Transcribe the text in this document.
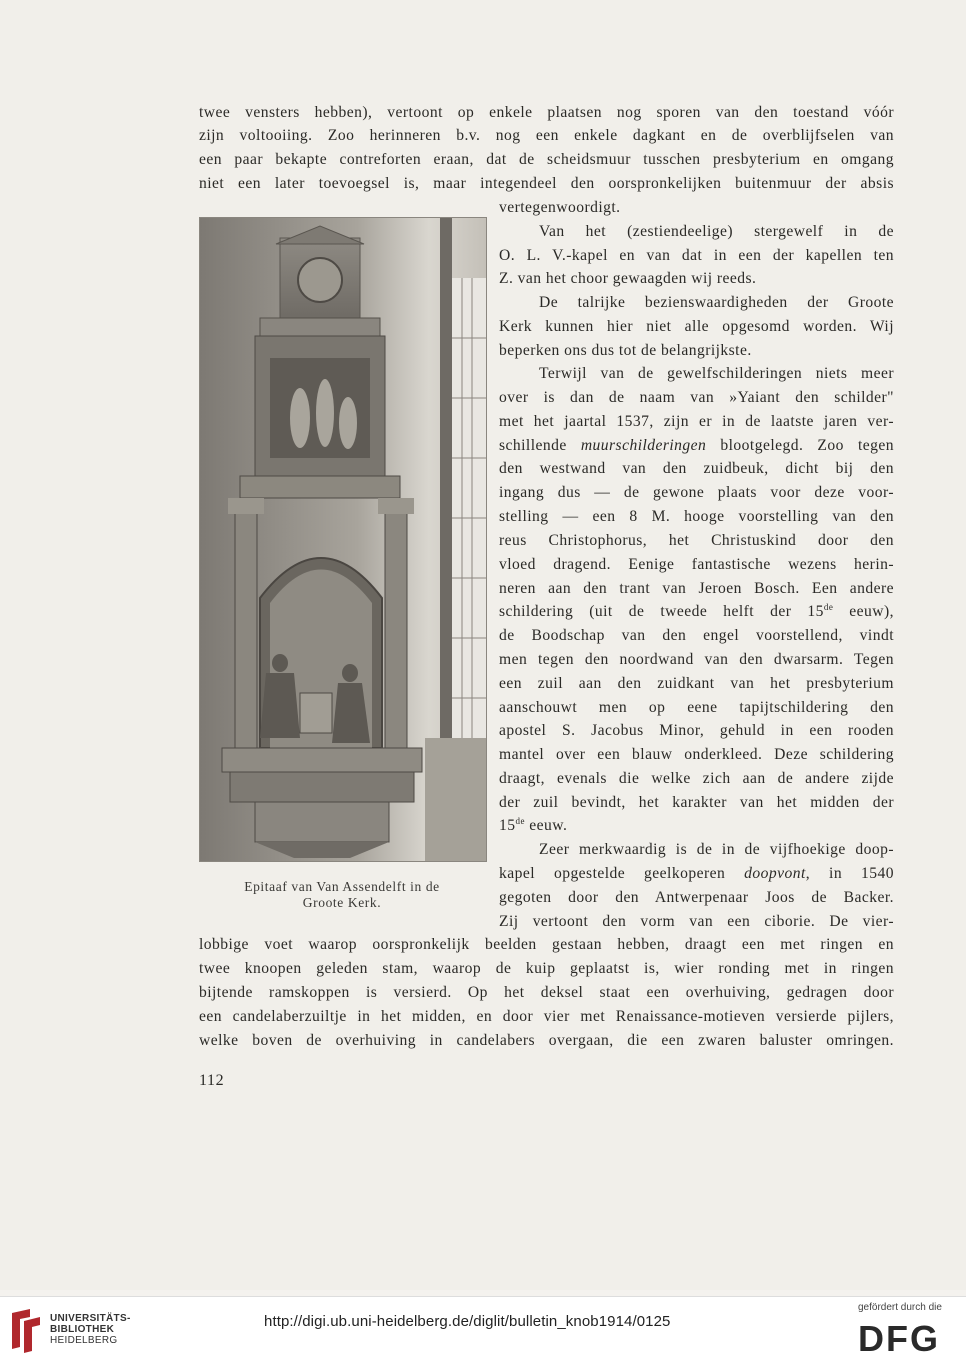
twee vensters hebben), vertoont op enkele plaatsen nog sporen van den toestand vóór
zijn voltooiing. Zoo herinneren b.v. nog een enkele dagkant en de overblijfselen van
een paar bekapte contreforten eraan, dat de scheidsmuur tusschen presbyterium en omgang
niet een later toevoegsel is, maar integendeel den oorspronkelijken buitenmuur der absis
Epitaaf van Van Assendelft in de
Groote Kerk.
vertegenwoordigt.
Van het (zestiendeelige) stergewelf in de
O. L. V.-kapel en van dat in een der kapellen ten
Z. van het choor gewaagden wij reeds.
De talrijke bezienswaardigheden der Groote
Kerk kunnen hier niet alle opgesomd worden. Wij
beperken ons dus tot de belangrijkste.
Terwijl van de gewelfschilderingen niets meer
over is dan de naam van »Yaiant den schilder"
met het jaartal 1537, zijn er in de laatste jaren ver-
schillende muurschilderingen blootgelegd. Zoo tegen
den westwand van den zuidbeuk, dicht bij den
ingang dus — de gewone plaats voor deze voor-
stelling — een 8 M. hooge voorstelling van den
reus Christophorus, het Christuskind door den
vloed dragend. Eenige fantastische wezens herin-
neren aan den trant van Jeroen Bosch. Een andere
schildering (uit de tweede helft der 15de eeuw),
de Boodschap van den engel voorstellend, vindt
men tegen den noordwand van den dwarsarm. Tegen
een zuil aan den zuidkant van het presbyterium
aanschouwt men op eene tapijtschildering den
apostel S. Jacobus Minor, gehuld in een rooden
mantel over een blauw onderkleed. Deze schildering
draagt, evenals die welke zich aan de andere zijde
der zuil bevindt, het karakter van het midden der
15de eeuw.
Zeer merkwaardig is de in de vijfhoekige doop-
kapel opgestelde geelkoperen doopvont, in 1540
gegoten door den Antwerpenaar Joos de Backer.
Zij vertoont den vorm van een ciborie. De vier-
lobbige voet waarop oorspronkelijk beelden gestaan hebben, draagt een met ringen en
twee knoopen geleden stam, waarop de kuip geplaatst is, wier ronding met in ringen
bijtende ramskoppen is versierd. Op het deksel staat een overhuiving, gedragen door
een candelaberzuiltje in het midden, en door vier met Renaissance-motieven versierde pijlers,
welke boven de overhuiving in candelabers overgaan, die een zwaren baluster omringen.
112
UNIVERSITÄTS-
BIBLIOTHEK
HEIDELBERG
http://digi.ub.uni-heidelberg.de/diglit/bulletin_knob1914/0125
gefördert durch die
DFG
